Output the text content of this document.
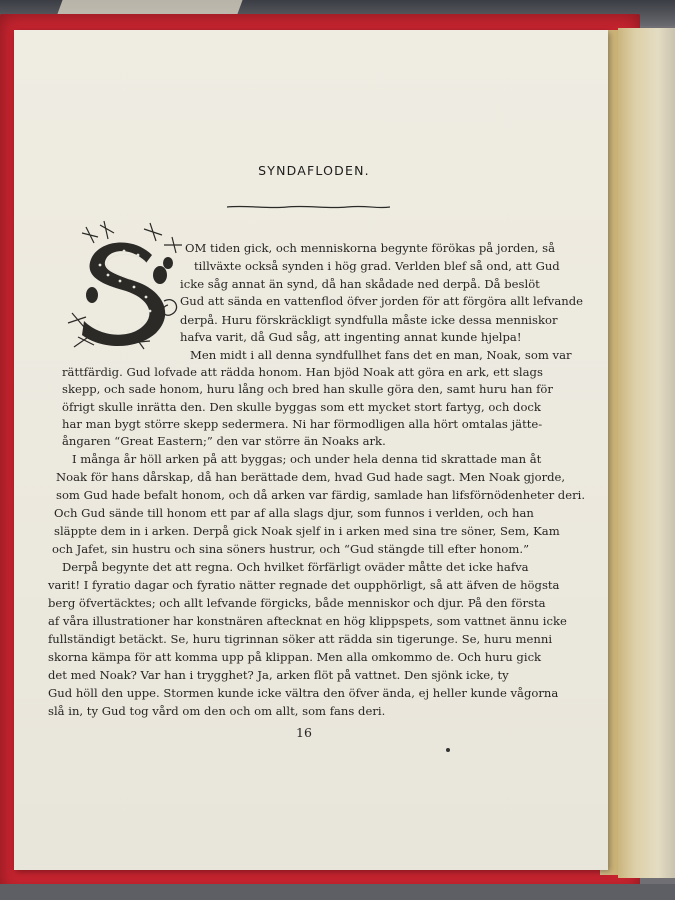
SYNDAFLODEN.
OM tiden gick, och menniskorna begynte förökas på jorden, så
tillväxte också synden i hög grad. Verlden blef så ond, att Gud
icke såg annat än synd, då han skådade ned derpå. Då beslöt
Gud att sända en vattenflod öfver jorden för att förgöra allt lefvande
derpå. Huru förskräckligt syndfulla måste icke dessa menniskor
hafva varit, då Gud såg, att ingenting annat kunde hjelpa!
Men midt i all denna syndfullhet fans det en man, Noak, som var
rättfärdig. Gud lofvade att rädda honom. Han bjöd Noak att göra en ark, ett slags
skepp, och sade honom, huru lång och bred han skulle göra den, samt huru han för
öfrigt skulle inrätta den. Den skulle byggas som ett mycket stort fartyg, och dock
har man bygt större skepp sedermera. Ni har förmodligen alla hört omtalas jätte-
ångaren “Great Eastern;” den var större än Noaks ark.
I många år höll arken på att byggas; och under hela denna tid skrattade man åt
Noak för hans dårskap, då han berättade dem, hvad Gud hade sagt. Men Noak gjorde,
som Gud hade befalt honom, och då arken var färdig, samlade han lifsförnödenheter deri.
Och Gud sände till honom ett par af alla slags djur, som funnos i verlden, och han
släppte dem in i arken. Derpå gick Noak sjelf in i arken med sina tre söner, Sem, Kam
och Jafet, sin hustru och sina söners hustrur, och “Gud stängde till efter honom.”
Derpå begynte det att regna. Och hvilket förfärligt oväder måtte det icke hafva
varit! I fyratio dagar och fyratio nätter regnade det oupphörligt, så att äfven de högsta
berg öfvertäcktes; och allt lefvande förgicks, både menniskor och djur. På den första
af våra illustrationer har konstnären aftecknat en hög klippspets, som vattnet ännu icke
fullständigt betäckt. Se, huru tigrinnan söker att rädda sin tigerunge. Se, huru menni
skorna kämpa för att komma upp på klippan. Men alla omkommo de. Och huru gick
det med Noak? Var han i trygghet? Ja, arken flöt på vattnet. Den sjönk icke, ty
Gud höll den uppe. Stormen kunde icke vältra den öfver ända, ej heller kunde vågorna
slå in, ty Gud tog vård om den och om allt, som fans deri.
16
